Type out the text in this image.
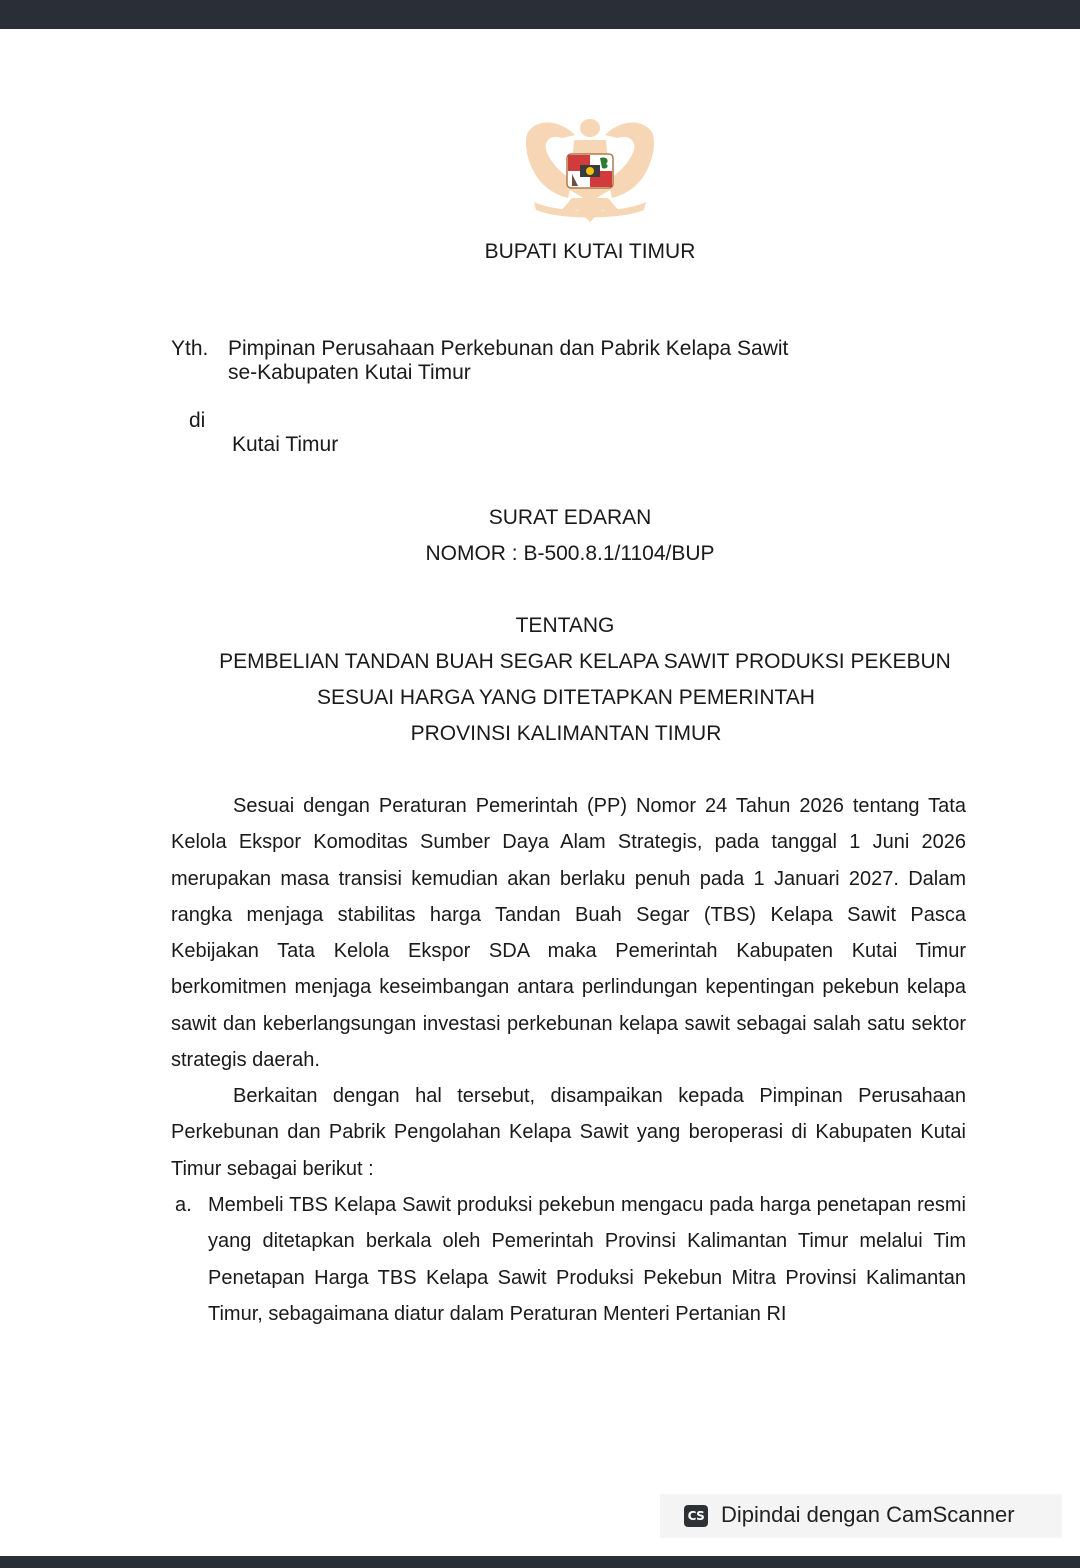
BUPATI KUTAI TIMUR
Yth. Pimpinan Perusahaan Perkebunan dan Pabrik Kelapa Sawit
se-Kabupaten Kutai Timur
di
Kutai Timur
SURAT EDARAN
NOMOR : B-500.8.1/1104/BUP
TENTANG
PEMBELIAN TANDAN BUAH SEGAR KELAPA SAWIT PRODUKSI PEKEBUN
SESUAI HARGA YANG DITETAPKAN PEMERINTAH
PROVINSI KALIMANTAN TIMUR

Sesuai dengan Peraturan Pemerintah (PP) Nomor 24 Tahun 2026 tentang Tata Kelola Ekspor Komoditas Sumber Daya Alam Strategis, pada tanggal 1 Juni 2026 merupakan masa transisi kemudian akan berlaku penuh pada 1 Januari 2027. Dalam rangka menjaga stabilitas harga Tandan Buah Segar (TBS) Kelapa Sawit Pasca Kebijakan Tata Kelola Ekspor SDA maka Pemerintah Kabupaten Kutai Timur berkomitmen menjaga keseimbangan antara perlindungan kepentingan pekebun kelapa sawit dan keberlangsungan investasi perkebunan kelapa sawit sebagai salah satu sektor strategis daerah.

Berkaitan dengan hal tersebut, disampaikan kepada Pimpinan Perusahaan Perkebunan dan Pabrik Pengolahan Kelapa Sawit yang beroperasi di Kabupaten Kutai Timur sebagai berikut :

a. Membeli TBS Kelapa Sawit produksi pekebun mengacu pada harga penetapan resmi yang ditetapkan berkala oleh Pemerintah Provinsi Kalimantan Timur melalui Tim Penetapan Harga TBS Kelapa Sawit Produksi Pekebun Mitra Provinsi Kalimantan Timur, sebagaimana diatur dalam Peraturan Menteri Pertanian RI
CS Dipindai dengan CamScanner
